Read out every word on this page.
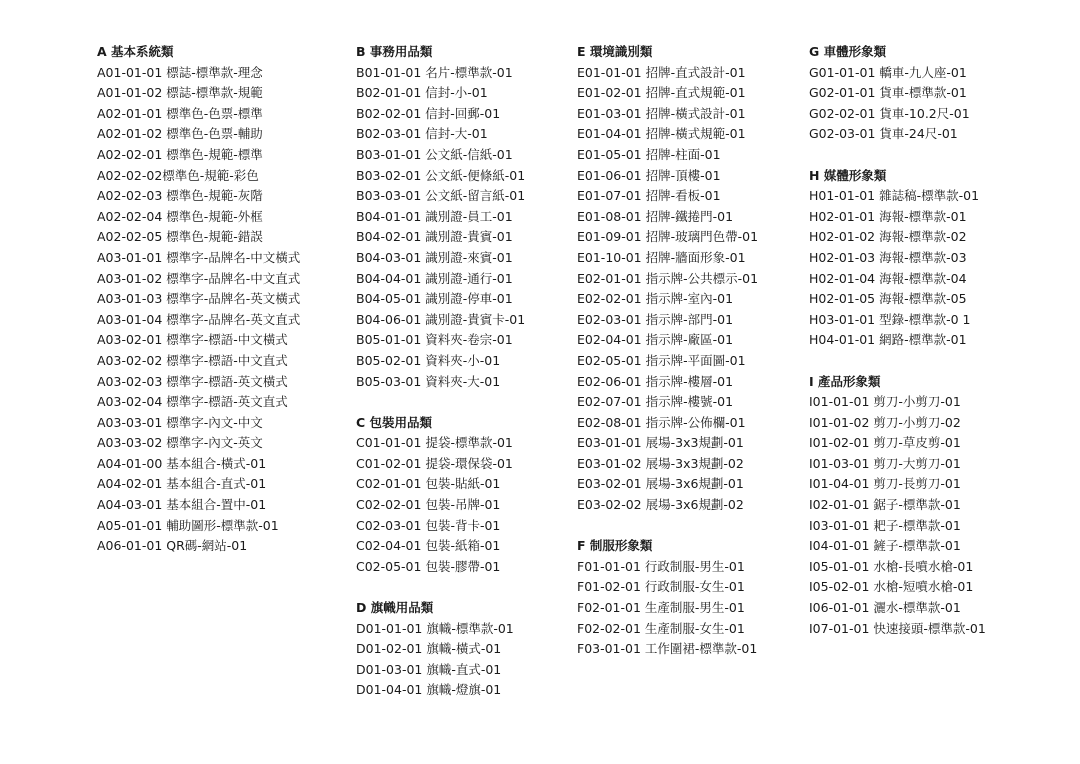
A 基本系統類
A01-01-01 標誌-標準款-理念
A01-01-02 標誌-標準款-規範
A02-01-01 標準色-色票-標準
A02-01-02 標準色-色票-輔助
A02-02-01 標準色-規範-標準
A02-02-02標準色-規範-彩色
A02-02-03 標準色-規範-灰階
A02-02-04 標準色-規範-外框
A02-02-05 標準色-規範-錯誤
A03-01-01 標準字-品牌名-中文橫式
A03-01-02 標準字-品牌名-中文直式
A03-01-03 標準字-品牌名-英文橫式
A03-01-04 標準字-品牌名-英文直式
A03-02-01 標準字-標語-中文橫式
A03-02-02 標準字-標語-中文直式
A03-02-03 標準字-標語-英文橫式
A03-02-04 標準字-標語-英文直式
A03-03-01 標準字-內文-中文
A03-03-02 標準字-內文-英文
A04-01-00 基本組合-橫式-01
A04-02-01 基本組合-直式-01
A04-03-01 基本組合-置中-01
A05-01-01 輔助圖形-標準款-01
A06-01-01 QR碼-網站-01
B 事務用品類
B01-01-01 名片-標準款-01
B02-01-01 信封-小-01
B02-02-01 信封-回郵-01
B02-03-01 信封-大-01
B03-01-01 公文紙-信紙-01
B03-02-01 公文紙-便條紙-01
B03-03-01 公文紙-留言紙-01
B04-01-01 識別證-員工-01
B04-02-01 識別證-貴賓-01
B04-03-01 識別證-來賓-01
B04-04-01 識別證-通行-01
B04-05-01 識別證-停車-01
B04-06-01 識別證-貴賓卡-01
B05-01-01 資料夾-卷宗-01
B05-02-01 資料夾-小-01
B05-03-01 資料夾-大-01
C 包裝用品類
C01-01-01 提袋-標準款-01
C01-02-01 提袋-環保袋-01
C02-01-01 包裝-貼紙-01
C02-02-01 包裝-吊牌-01
C02-03-01 包裝-背卡-01
C02-04-01 包裝-紙箱-01
C02-05-01 包裝-膠帶-01
D 旗幟用品類
D01-01-01 旗幟-標準款-01
D01-02-01 旗幟-橫式-01
D01-03-01 旗幟-直式-01
D01-04-01 旗幟-燈旗-01
E 環境識別類
E01-01-01 招牌-直式設計-01
E01-02-01 招牌-直式規範-01
E01-03-01 招牌-橫式設計-01
E01-04-01 招牌-橫式規範-01
E01-05-01 招牌-柱面-01
E01-06-01 招牌-頂樓-01
E01-07-01 招牌-看板-01
E01-08-01 招牌-鐵捲門-01
E01-09-01 招牌-玻璃門色帶-01
E01-10-01 招牌-牆面形象-01
E02-01-01 指示牌-公共標示-01
E02-02-01 指示牌-室內-01
E02-03-01 指示牌-部門-01
E02-04-01 指示牌-廠區-01
E02-05-01 指示牌-平面圖-01
E02-06-01 指示牌-樓層-01
E02-07-01 指示牌-樓號-01
E02-08-01 指示牌-公佈欄-01
E03-01-01 展場-3x3規劃-01
E03-01-02 展場-3x3規劃-02
E03-02-01 展場-3x6規劃-01
E03-02-02 展場-3x6規劃-02
F 制服形象類
F01-01-01 行政制服-男生-01
F01-02-01 行政制服-女生-01
F02-01-01 生產制服-男生-01
F02-02-01 生產制服-女生-01
F03-01-01 工作圍裙-標準款-01
G 車體形象類
G01-01-01 轎車-九人座-01
G02-01-01 貨車-標準款-01
G02-02-01 貨車-10.2尺-01
G02-03-01 貨車-24尺-01
H 媒體形象類
H01-01-01 雜誌稿-標準款-01
H02-01-01 海報-標準款-01
H02-01-02 海報-標準款-02
H02-01-03 海報-標準款-03
H02-01-04 海報-標準款-04
H02-01-05 海報-標準款-05
H03-01-01 型錄-標準款-0 1
H04-01-01 網路-標準款-01
I 產品形象類
I01-01-01 剪刀-小剪刀-01
I01-01-02 剪刀-小剪刀-02
I01-02-01 剪刀-草皮剪-01
I01-03-01 剪刀-大剪刀-01
I01-04-01 剪刀-長剪刀-01
I02-01-01 鋸子-標準款-01
I03-01-01 耙子-標準款-01
I04-01-01 鏟子-標準款-01
I05-01-01 水槍-長噴水槍-01
I05-02-01 水槍-短噴水槍-01
I06-01-01 灑水-標準款-01
I07-01-01 快速接頭-標準款-01
